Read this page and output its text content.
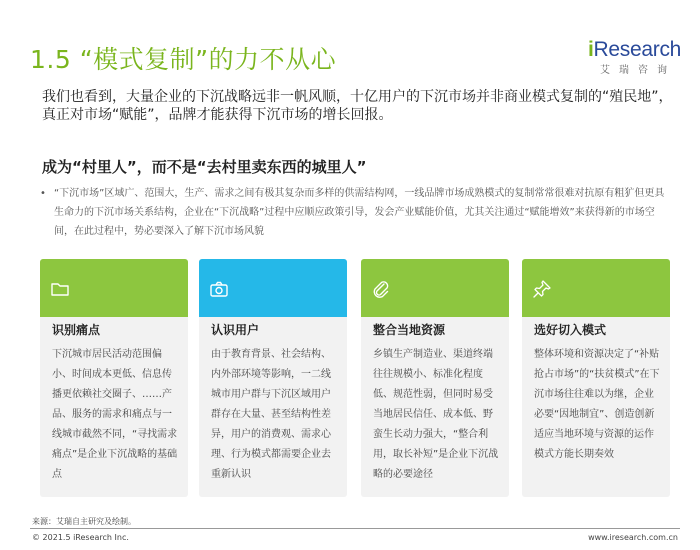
1.5 “模式复制”的力不从心	iResearch
艾瑞咨询
我们也看到，大量企业的下沉战略远非一帆风顺，十亿用户的下沉市场并非商业模式复制的“殖民地”，真正对市场“赋能”，品牌才能获得下沉市场的增长回报。
成为“村里人”，而不是“去村里卖东西的城里人”
• “下沉市场”区域广、范围大，生产、需求之间有极其复杂而多样的供需结构网，一线品牌市场成熟模式的复制常常很难对抗原有粗犷但更具生命力的下沉市场关系结构，企业在“下沉战略”过程中应顺应政策引导，发会产业赋能价值，尤其关注通过“赋能增效”来获得新的市场空间，在此过程中，势必要深入了解下沉市场风貌
识别痛点
下沉城市居民活动范围偏小、时间成本更低、信息传播更依赖社交圈子、……产品、服务的需求和痛点与一线城市截然不同，“寻找需求痛点”是企业下沉战略的基础点
认识用户
由于教育背景、社会结构、内外部环境等影响，一二线城市用户群与下沉区域用户群存在大量、甚至结构性差异，用户的消费观、需求心理、行为模式都需要企业去重新认识
整合当地资源
乡镇生产制造业、渠道终端往往规模小、标准化程度低、规范性弱，但同时易受当地居民信任、成本低、野蛮生长动力强大，“整合利用，取长补短”是企业下沉战略的必要途径
选好切入模式
整体环境和资源决定了“补贴抢占市场”的“扶贫模式”在下沉市场往往难以为继，企业必要“因地制宜”、创造创新适应当地环境与资源的运作模式方能长期奏效
来源：艾瑞自主研究及绘制。
© 2021.5 iResearch Inc.	www.iresearch.com.cn
